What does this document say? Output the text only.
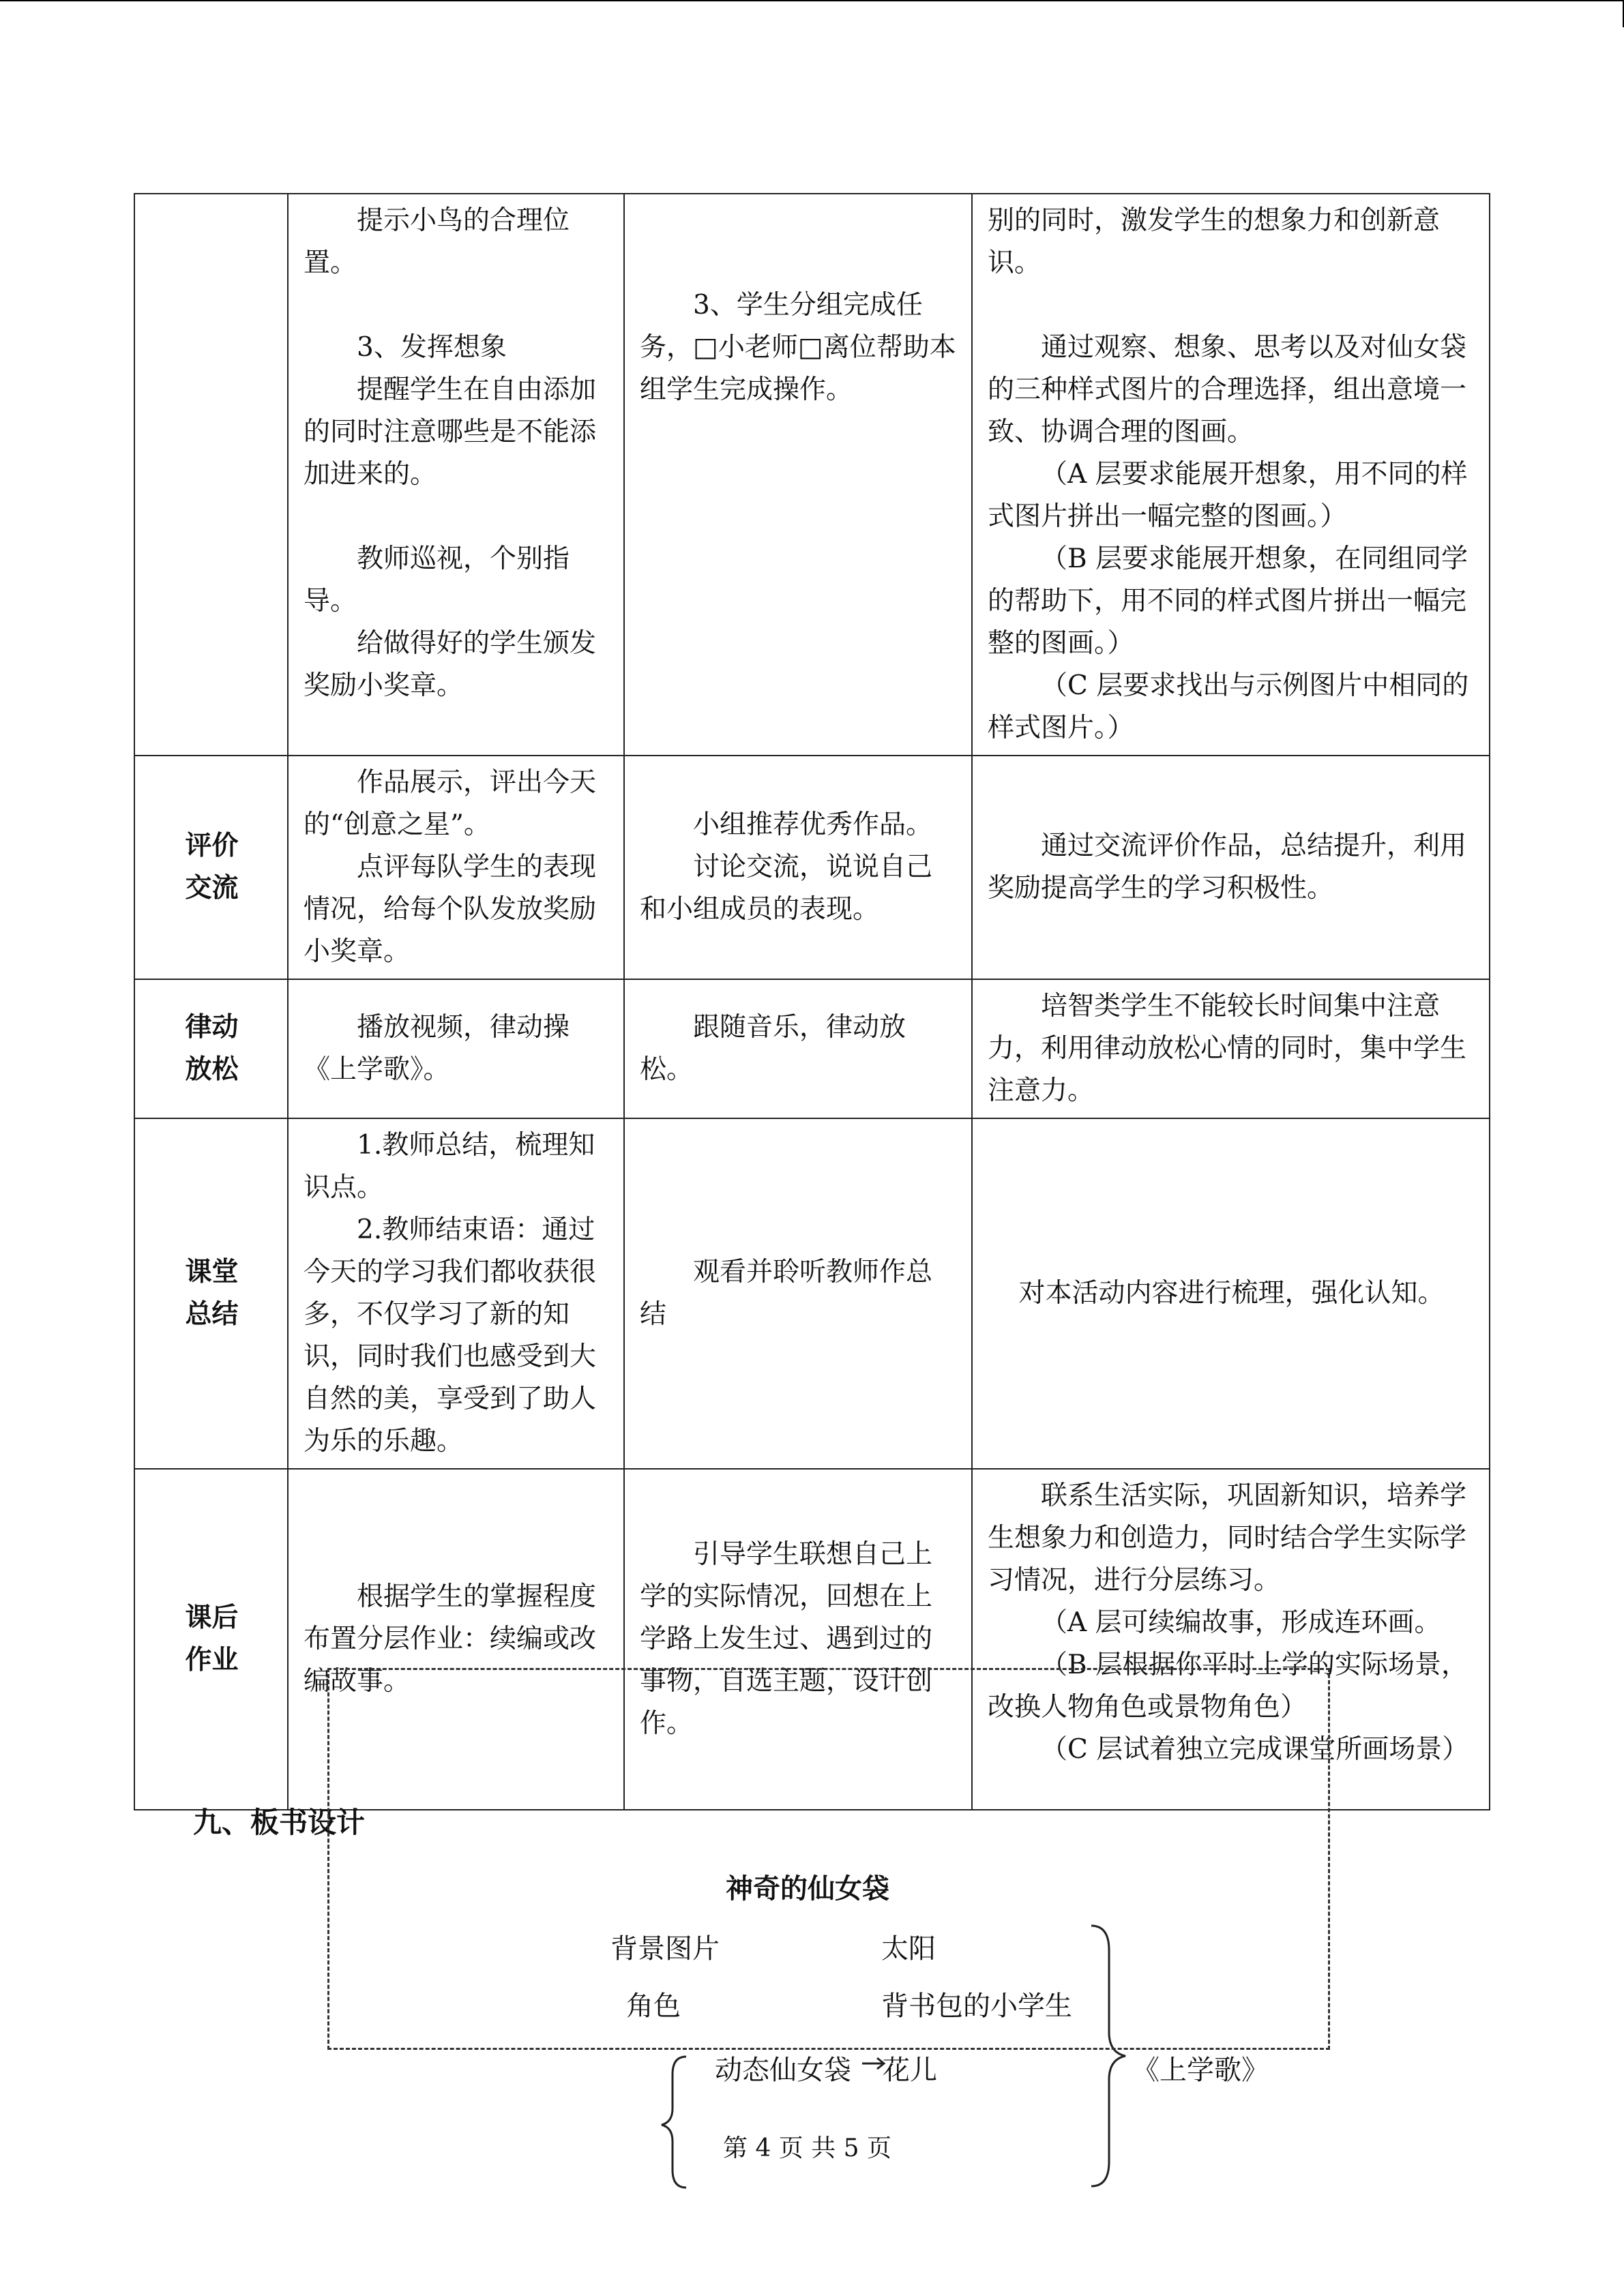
	提示小鸟的合理位置。
3、发挥想象
提醒学生在自由添加的同时注意哪些是不能添加进来的。
教师巡视，个别指导。
给做得好的学生颁发奖励小奖章。	3、学生分组完成任务，□小老师□离位帮助本组学生完成操作。	别的同时，激发学生的想象力和创新意识。
通过观察、想象、思考以及对仙女袋的三种样式图片的合理选择，组出意境一致、协调合理的图画。
（A 层要求能展开想象，用不同的样式图片拼出一幅完整的图画。）
（B 层要求能展开想象，在同组同学的帮助下，用不同的样式图片拼出一幅完整的图画。）
（C 层要求找出与示例图片中相同的样式图片。）

评价
交流	作品展示，评出今天的“创意之星”。
点评每队学生的表现情况，给每个队发放奖励小奖章。	小组推荐优秀作品。
讨论交流，说说自己和小组成员的表现。	通过交流评价作品，总结提升，利用奖励提高学生的学习积极性。

律动
放松	播放视频，律动操《上学歌》。	跟随音乐，律动放松。	培智类学生不能较长时间集中注意力，利用律动放松心情的同时，集中学生注意力。

课堂
总结	1.教师总结，梳理知识点。
2.教师结束语：通过今天的学习我们都收获很多，不仅学习了新的知识，同时我们也感受到大自然的美，享受到了助人为乐的乐趣。	观看并聆听教师作总结	对本活动内容进行梳理，强化认知。

课后
作业	根据学生的掌握程度布置分层作业：续编或改编故事。	引导学生联想自己上学的实际情况，回想在上学路上发生过、遇到过的事物，自选主题，设计创作。	联系生活实际，巩固新知识，培养学生想象力和创造力，同时结合学生实际学习情况，进行分层练习。
（A 层可续编故事，形成连环画。
（B 层根据你平时上学的实际场景，改换人物角色或景物角色）
（C 层试着独立完成课堂所画场景）
九、板书设计
神奇的仙女袋
背景图片	太阳
角色	背书包的小学生
动态仙女袋 花儿	《上学歌》
第 4 页 共 5 页
